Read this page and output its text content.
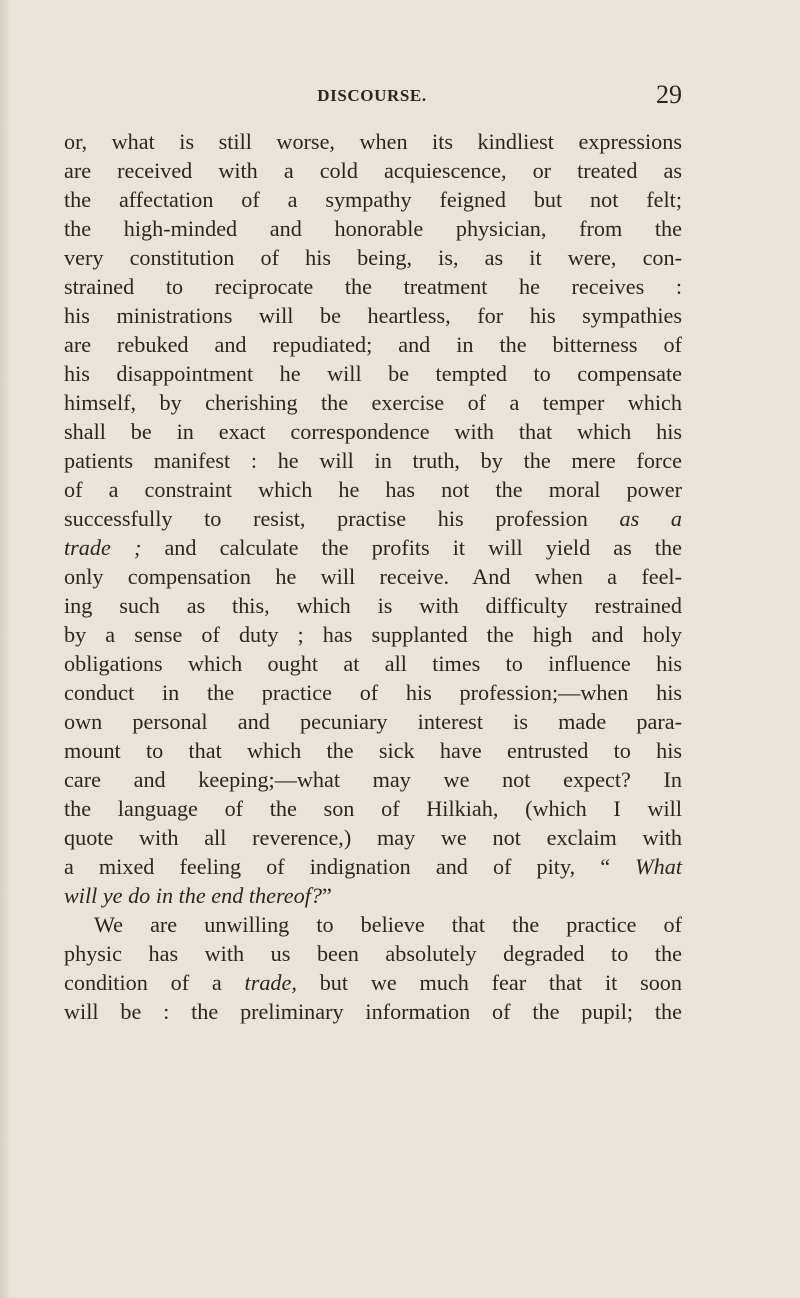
DISCOURSE.	29
or, what is still worse, when its kindliest expressions
are received with a cold acquiescence, or treated as
the affectation of a sympathy feigned but not felt;
the high-minded and honorable physician, from the
very constitution of his being, is, as it were, con-
strained to reciprocate the treatment he receives :
his ministrations will be heartless, for his sympathies
are rebuked and repudiated; and in the bitterness of
his disappointment he will be tempted to compensate
himself, by cherishing the exercise of a temper which
shall be in exact correspondence with that which his
patients manifest : he will in truth, by the mere force
of a constraint which he has not the moral power
successfully to resist, practise his profession as a
trade ; and calculate the profits it will yield as the
only compensation he will receive. And when a feel-
ing such as this, which is with difficulty restrained
by a sense of duty ; has supplanted the high and holy
obligations which ought at all times to influence his
conduct in the practice of his profession;—when his
own personal and pecuniary interest is made para-
mount to that which the sick have entrusted to his
care and keeping;—what may we not expect? In
the language of the son of Hilkiah, (which I will
quote with all reverence,) may we not exclaim with
a mixed feeling of indignation and of pity, “ What
will ye do in the end thereof?”
We are unwilling to believe that the practice of
physic has with us been absolutely degraded to the
condition of a trade, but we much fear that it soon
will be : the preliminary information of the pupil; the
